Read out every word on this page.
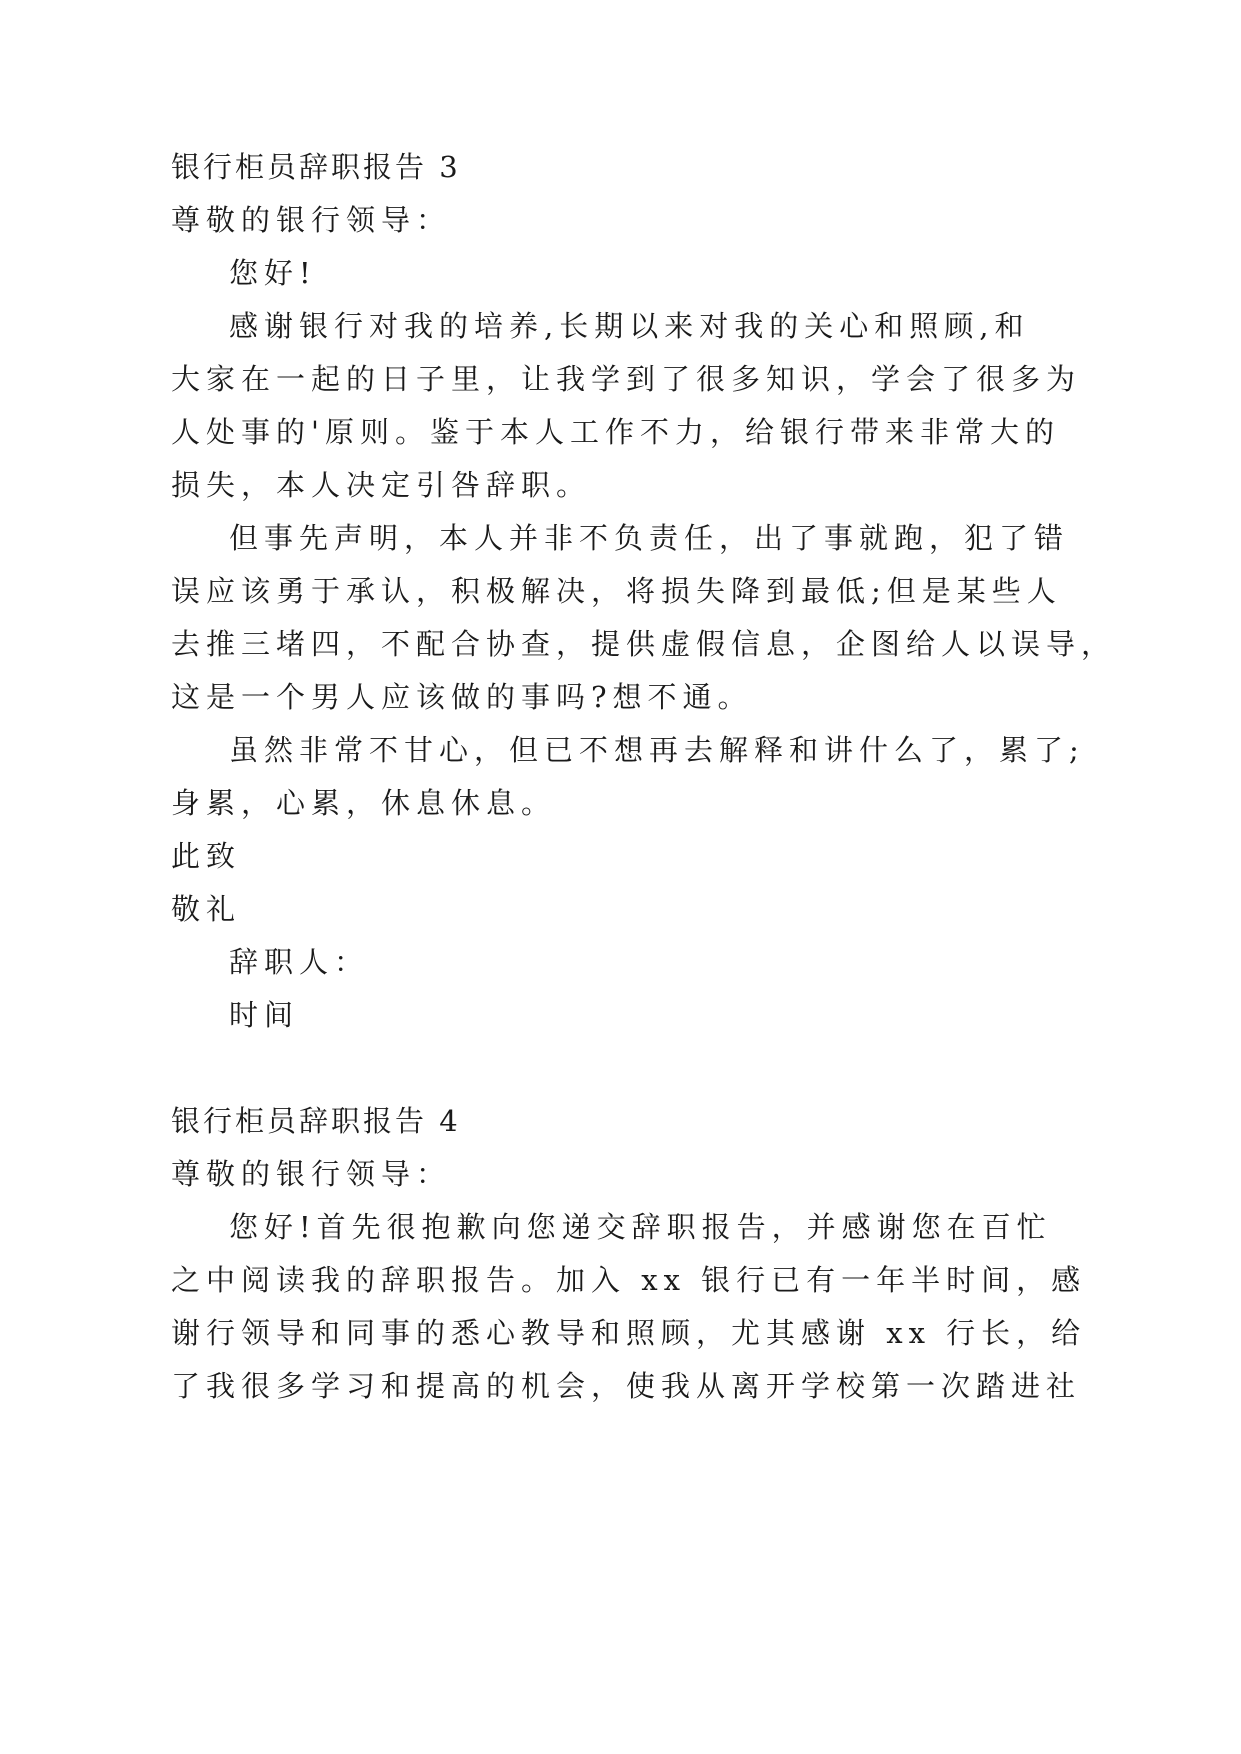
银行柜员辞职报告 3
尊敬的银行领导：
您好!
感谢银行对我的培养,长期以来对我的关心和照顾,和
大家在一起的日子里，让我学到了很多知识，学会了很多为
人处事的'原则。鉴于本人工作不力，给银行带来非常大的
损失，本人决定引咎辞职。
但事先声明，本人并非不负责任，出了事就跑，犯了错
误应该勇于承认，积极解决，将损失降到最低;但是某些人
去推三堵四，不配合协查，提供虚假信息，企图给人以误导，
这是一个男人应该做的事吗?想不通。
虽然非常不甘心，但已不想再去解释和讲什么了，累了;
身累，心累，休息休息。
此致
敬礼
辞职人：
时间
银行柜员辞职报告 4
尊敬的银行领导：
您好!首先很抱歉向您递交辞职报告，并感谢您在百忙
之中阅读我的辞职报告。加入 xx 银行已有一年半时间，感
谢行领导和同事的悉心教导和照顾，尤其感谢 xx 行长，给
了我很多学习和提高的机会，使我从离开学校第一次踏进社
